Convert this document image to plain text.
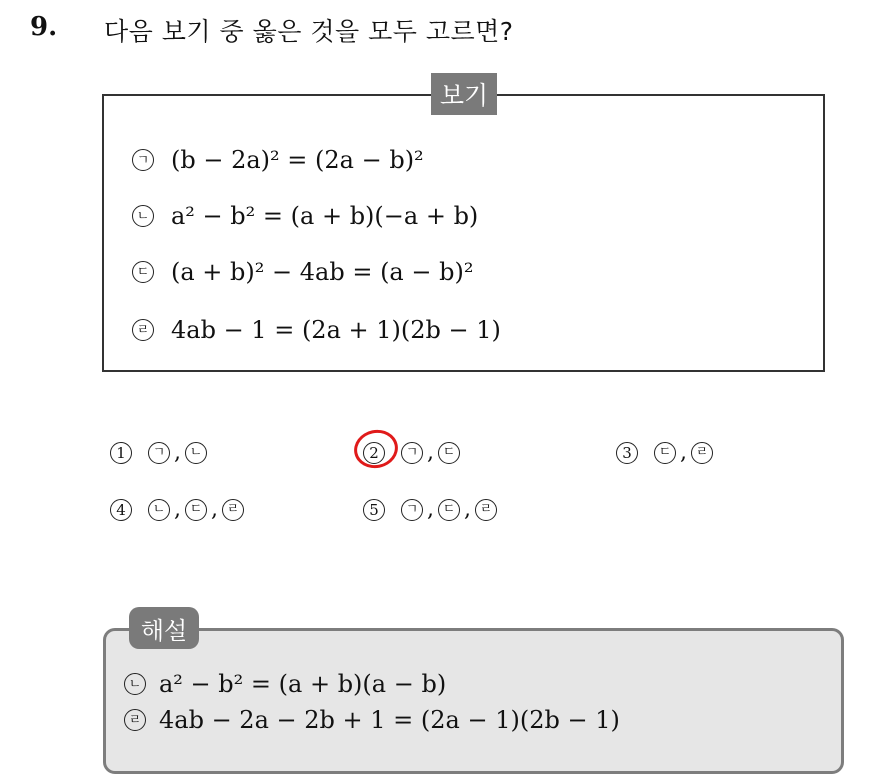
9. 다음 보기 중 옳은 것을 모두 고르면?
보기
ㄱ (b − 2a)² = (2a − b)²
ㄴ a² − b² = (a + b)(−a + b)
ㄷ (a + b)² − 4ab = (a − b)²
ㄹ 4ab − 1 = (2a + 1)(2b − 1)
1	ㄱ , ㄴ	2	ㄱ , ㄷ	3	ㄷ , ㄹ
4	ㄴ , ㄷ , ㄹ	5	ㄱ , ㄷ , ㄹ
해설
ㄴ a² − b² = (a + b)(a − b)
ㄹ 4ab − 2a − 2b + 1 = (2a − 1)(2b − 1)
